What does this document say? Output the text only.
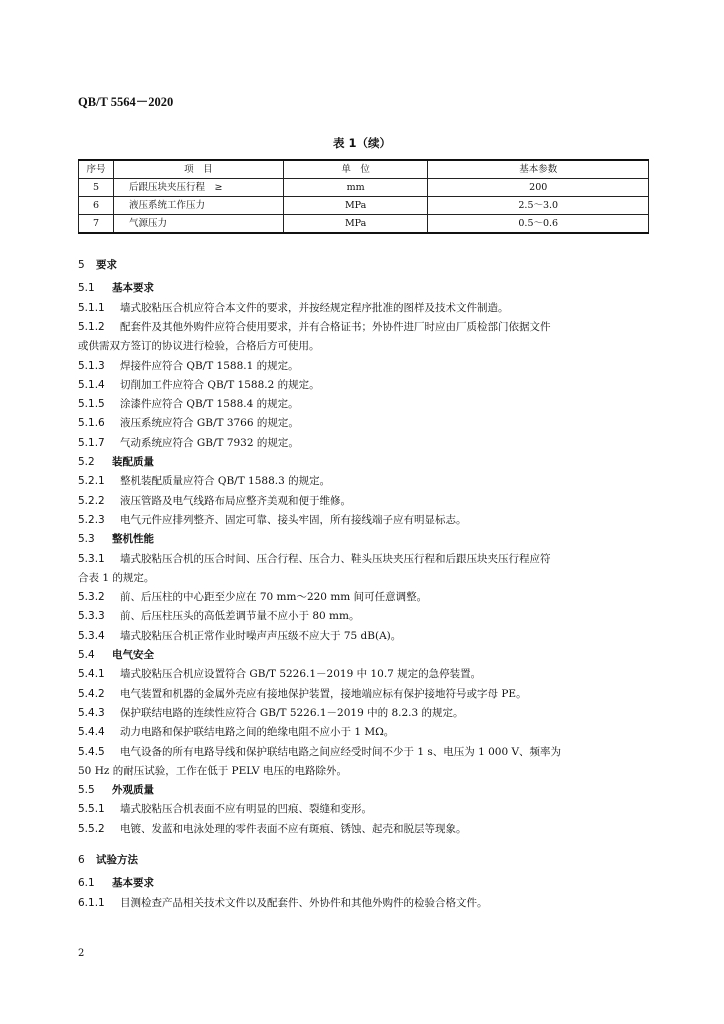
QB/T 5564－2020
表 1（续）
序号	项　目	单　位	基本参数
5	后跟压块夹压行程　≥	mm	200
6	液压系统工作压力	MPa	2.5～3.0
7	气源压力	MPa	0.5～0.6
5 要求
5.1 基本要求
5.1.1 墙式胶粘压合机应符合本文件的要求，并按经规定程序批准的图样及技术文件制造。
5.1.2 配套件及其他外购件应符合使用要求，并有合格证书；外协件进厂时应由厂质检部门依据文件
或供需双方签订的协议进行检验，合格后方可使用。
5.1.3 焊接件应符合 QB/T 1588.1 的规定。
5.1.4 切削加工件应符合 QB/T 1588.2 的规定。
5.1.5 涂漆件应符合 QB/T 1588.4 的规定。
5.1.6 液压系统应符合 GB/T 3766 的规定。
5.1.7 气动系统应符合 GB/T 7932 的规定。
5.2 装配质量
5.2.1 整机装配质量应符合 QB/T 1588.3 的规定。
5.2.2 液压管路及电气线路布局应整齐美观和便于维修。
5.2.3 电气元件应排列整齐、固定可靠、接头牢固，所有接线端子应有明显标志。
5.3 整机性能
5.3.1 墙式胶粘压合机的压合时间、压合行程、压合力、鞋头压块夹压行程和后跟压块夹压行程应符
合表 1 的规定。
5.3.2 前、后压柱的中心距至少应在 70 mm～220 mm 间可任意调整。
5.3.3 前、后压柱压头的高低差调节量不应小于 80 mm。
5.3.4 墙式胶粘压合机正常作业时噪声声压级不应大于 75 dB(A)。
5.4 电气安全
5.4.1 墙式胶粘压合机应设置符合 GB/T 5226.1－2019 中 10.7 规定的急停装置。
5.4.2 电气装置和机器的金属外壳应有接地保护装置，接地端应标有保护接地符号或字母 PE。
5.4.3 保护联结电路的连续性应符合 GB/T 5226.1－2019 中的 8.2.3 的规定。
5.4.4 动力电路和保护联结电路之间的绝缘电阻不应小于 1 MΩ。
5.4.5 电气设备的所有电路导线和保护联结电路之间应经受时间不少于 1 s、电压为 1 000 V、频率为
50 Hz 的耐压试验，工作在低于 PELV 电压的电路除外。
5.5 外观质量
5.5.1 墙式胶粘压合机表面不应有明显的凹痕、裂缝和变形。
5.5.2 电镀、发蓝和电泳处理的零件表面不应有斑痕、锈蚀、起壳和脱层等现象。
6 试验方法
6.1 基本要求
6.1.1 目测检查产品相关技术文件以及配套件、外协件和其他外购件的检验合格文件。
2
